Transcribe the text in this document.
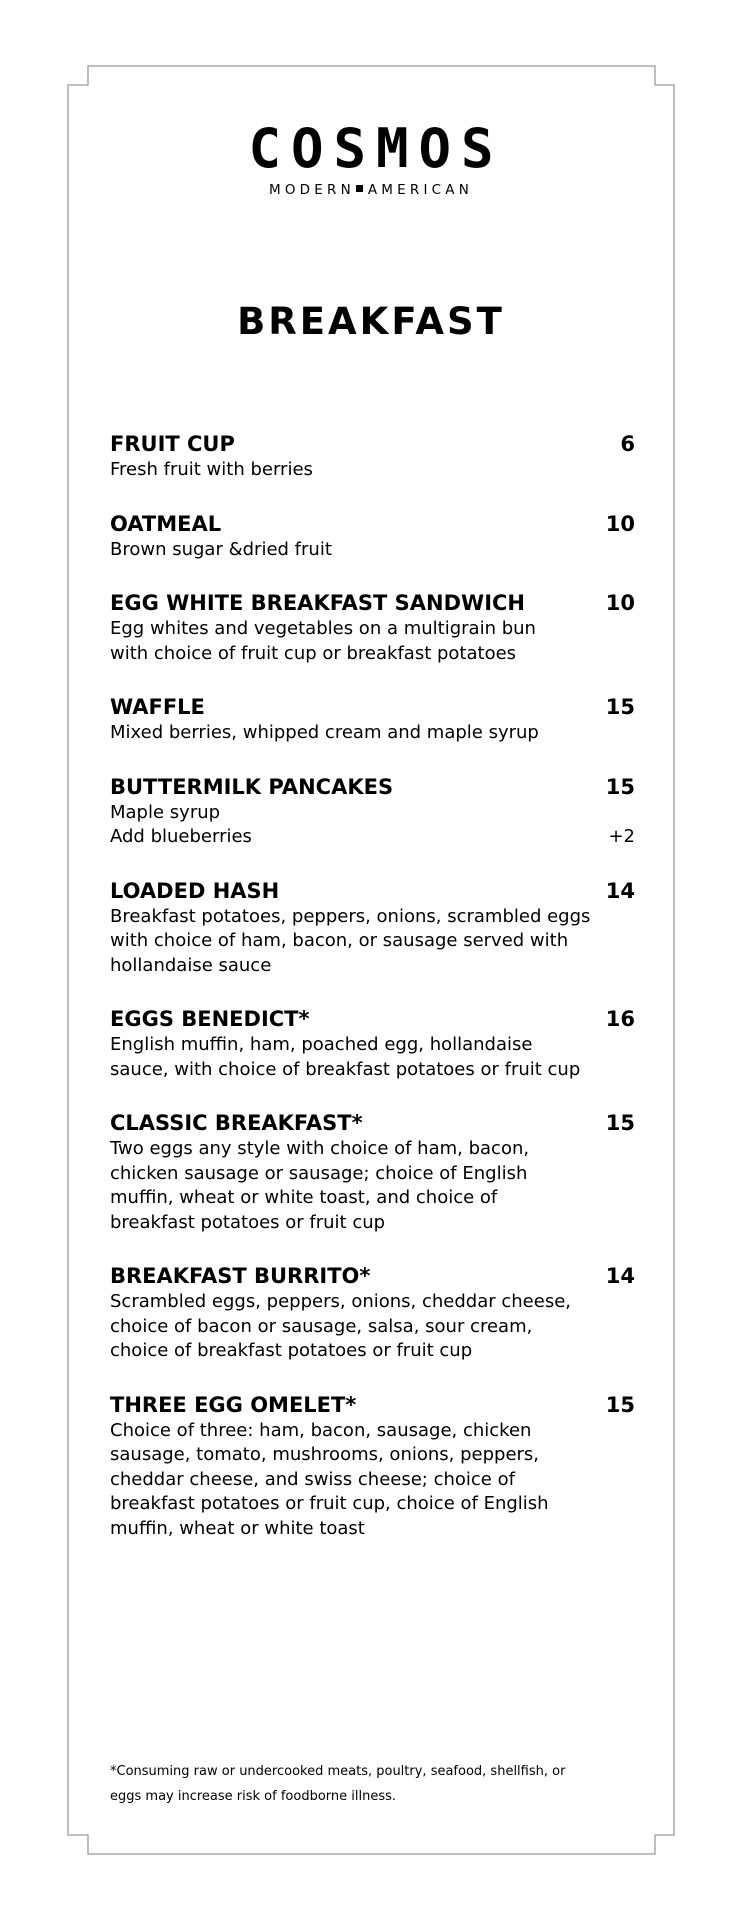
COSMOS
MODERN AMERICAN
BREAKFAST
FRUIT CUP	6
Fresh fruit with berries
OATMEAL	10
Brown sugar &dried fruit
EGG WHITE BREAKFAST SANDWICH	10
Egg whites and vegetables on a multigrain bun
with choice of fruit cup or breakfast potatoes
WAFFLE	15
Mixed berries, whipped cream and maple syrup
BUTTERMILK PANCAKES	15
Maple syrup
Add blueberries	+2
LOADED HASH	14
Breakfast potatoes, peppers, onions, scrambled eggs
with choice of ham, bacon, or sausage served with
hollandaise sauce
EGGS BENEDICT*	16
English muffin, ham, poached egg, hollandaise
sauce, with choice of breakfast potatoes or fruit cup
CLASSIC BREAKFAST*	15
Two eggs any style with choice of ham, bacon,
chicken sausage or sausage; choice of English
muffin, wheat or white toast, and choice of
breakfast potatoes or fruit cup
BREAKFAST BURRITO*	14
Scrambled eggs, peppers, onions, cheddar cheese,
choice of bacon or sausage, salsa, sour cream,
choice of breakfast potatoes or fruit cup
THREE EGG OMELET*	15
Choice of three: ham, bacon, sausage, chicken
sausage, tomato, mushrooms, onions, peppers,
cheddar cheese, and swiss cheese; choice of
breakfast potatoes or fruit cup, choice of English
muffin, wheat or white toast
*Consuming raw or undercooked meats, poultry, seafood, shellfish, or
eggs may increase risk of foodborne illness.
